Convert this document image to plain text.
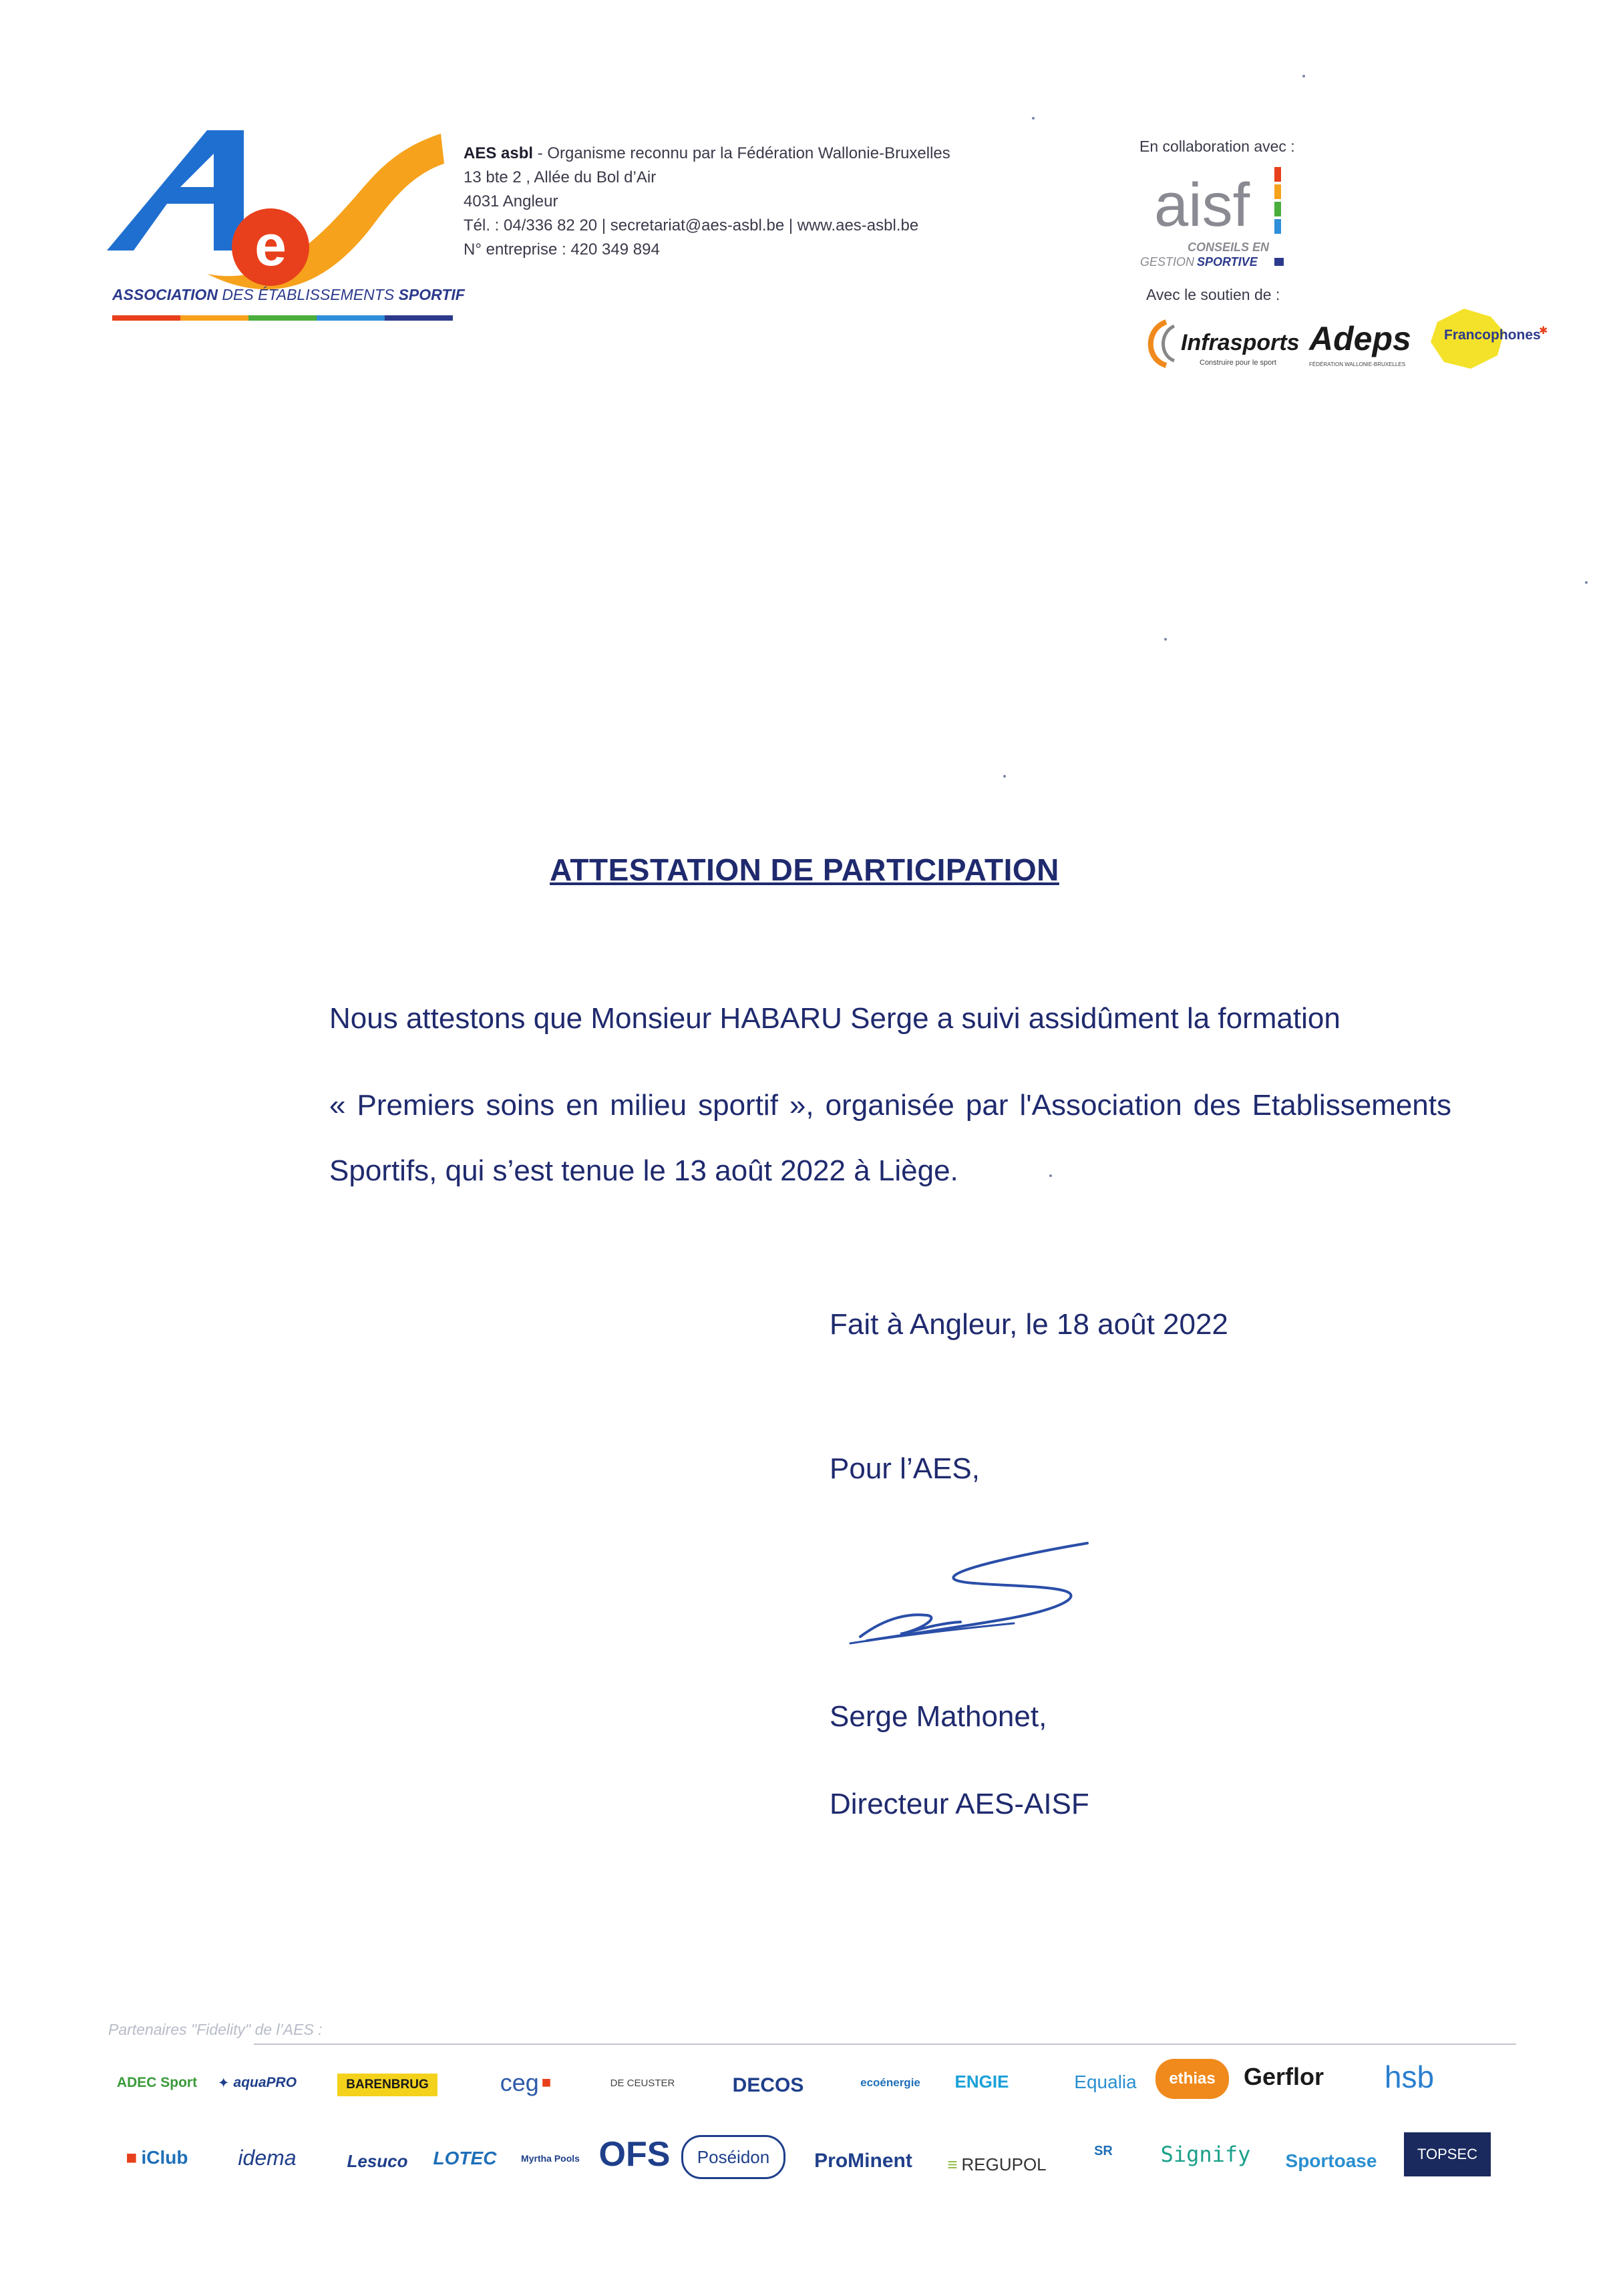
e
ASSOCIATION DES ÉTABLISSEMENTS SPORTIF
AES asbl - Organisme reconnu par la Fédération Wallonie-Bruxelles
13 bte 2 , Allée du Bol d’Air
4031 Angleur
Tél. : 04/336 82 20 | secretariat@aes-asbl.be | www.aes-asbl.be
N° entreprise : 420 349 894
En collaboration avec :
aisf
CONSEILS EN
GESTION SPORTIVE
Avec le soutien de :
Infrasports
Construire pour le sport
Adeps
FÉDÉRATION WALLONIE-BRUXELLES
Francophones
✱
ATTESTATION DE PARTICIPATION
Nous attestons que Monsieur HABARU Serge a suivi assidûment la formation
« Premiers soins en milieu sportif », organisée par l'Association des Etablissements
Sportifs, qui s’est tenue le 13 août 2022 à Liège.
Fait à Angleur, le 18 août 2022
Pour l’AES,
Serge Mathonet,
Directeur AES-AISF
Partenaires "Fidelity" de l’AES :
ADEC Sport ✦ aquaPRO	BARENBRUG	ceg ■	DE CEUSTER	DECOS	ecoénergie ENGIE	Equalia ethias Gerflor hsb
■ iClub idema	Lesuco LOTEC	Myrtha Pools OFS Poséidon ProMinent ≡ REGUPOL
SR Signify Sportoase	TOPSEC
